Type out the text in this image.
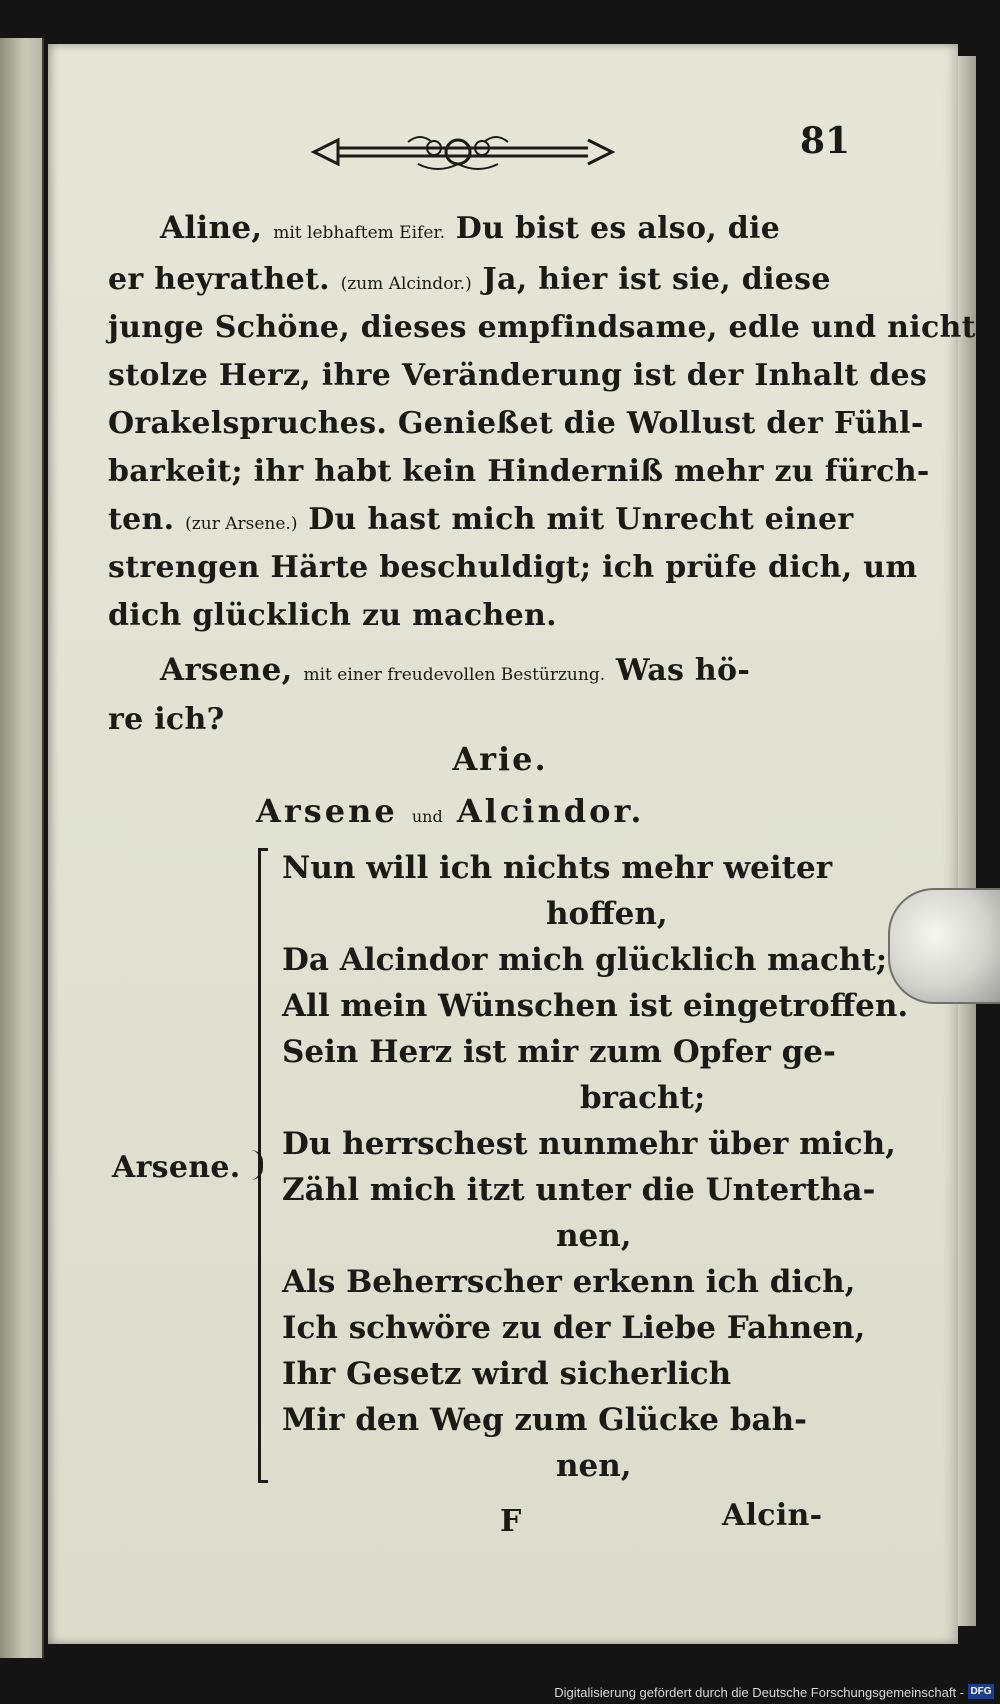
81
Aline, mit lebhaftem Eifer. Du bist es also, die
er heyrathet. (zum Alcindor.) Ja, hier ist sie, diese
junge Schöne, dieses empfindsame, edle und nicht
stolze Herz, ihre Veränderung ist der Inhalt des
Orakelspruches. Genießet die Wollust der Fühl-
barkeit; ihr habt kein Hinderniß mehr zu fürch-
ten. (zur Arsene.) Du hast mich mit Unrecht einer
strengen Härte beschuldigt; ich prüfe dich, um
dich glücklich zu machen.
Arsene, mit einer freudevollen Bestürzung. Was hö-
re ich?
Arie.
Arsene und Alcindor.
Arsene.
Nun will ich nichts mehr weiter
hoffen,
Da Alcindor mich glücklich macht;
All mein Wünschen ist eingetroffen.
Sein Herz ist mir zum Opfer ge-
bracht;
Du herrschest nunmehr über mich,
Zähl mich itzt unter die Untertha-
nen,
Als Beherrscher erkenn ich dich,
Ich schwöre zu der Liebe Fahnen,
Ihr Gesetz wird sicherlich
Mir den Weg zum Glücke bah-
nen,
F	Alcin-
Digitalisierung gefördert durch die Deutsche Forschungsgemeinschaft - DFG
